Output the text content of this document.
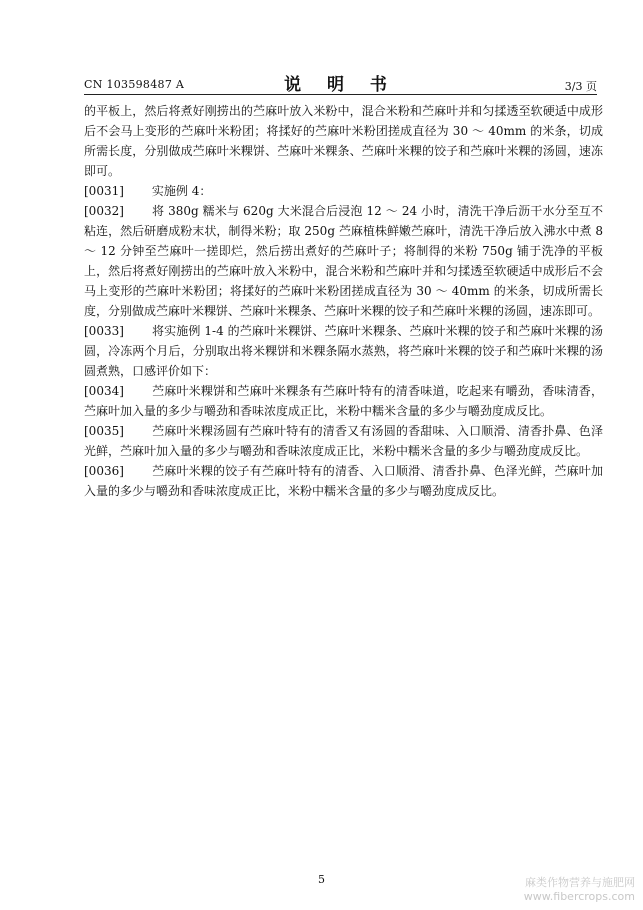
CN 103598487 A	说 明 书	3/3 页

的平板上，然后将煮好刚捞出的苎麻叶放入米粉中，混合米粉和苎麻叶并和匀揉透至软硬适中成形后不会马上变形的苎麻叶米粉团；将揉好的苎麻叶米粉团搓成直径为 30 ～ 40mm 的米条，切成所需长度，分别做成苎麻叶米粿饼、苎麻叶米粿条、苎麻叶米粿的饺子和苎麻叶米粿的汤圆，速冻即可。

[0031] 实施例 4：

[0032] 将 380g 糯米与 620g 大米混合后浸泡 12 ～ 24 小时，清洗干净后沥干水分至互不粘连，然后研磨成粉末状，制得米粉；取 250g 苎麻植株鲜嫩苎麻叶，清洗干净后放入沸水中煮 8 ～ 12 分钟至苎麻叶一搓即烂，然后捞出煮好的苎麻叶子；将制得的米粉 750g 铺于洗净的平板上，然后将煮好刚捞出的苎麻叶放入米粉中，混合米粉和苎麻叶并和匀揉透至软硬适中成形后不会马上变形的苎麻叶米粉团；将揉好的苎麻叶米粉团搓成直径为 30 ～ 40mm 的米条，切成所需长度，分别做成苎麻叶米粿饼、苎麻叶米粿条、苎麻叶米粿的饺子和苎麻叶米粿的汤圆，速冻即可。

[0033] 将实施例 1-4 的苎麻叶米粿饼、苎麻叶米粿条、苎麻叶米粿的饺子和苎麻叶米粿的汤圆，冷冻两个月后，分别取出将米粿饼和米粿条隔水蒸熟，将苎麻叶米粿的饺子和苎麻叶米粿的汤圆煮熟，口感评价如下：

[0034] 苎麻叶米粿饼和苎麻叶米粿条有苎麻叶特有的清香味道，吃起来有嚼劲，香味清香，苎麻叶加入量的多少与嚼劲和香味浓度成正比，米粉中糯米含量的多少与嚼劲度成反比。

[0035] 苎麻叶米粿汤圆有苎麻叶特有的清香又有汤圆的香甜味、入口顺滑、清香扑鼻、色泽光鲜，苎麻叶加入量的多少与嚼劲和香味浓度成正比，米粉中糯米含量的多少与嚼劲度成反比。

[0036] 苎麻叶米粿的饺子有苎麻叶特有的清香、入口顺滑、清香扑鼻、色泽光鲜，苎麻叶加入量的多少与嚼劲和香味浓度成正比，米粉中糯米含量的多少与嚼劲度成反比。

5	麻类作物营养与施肥网
www.fibercrops.com
